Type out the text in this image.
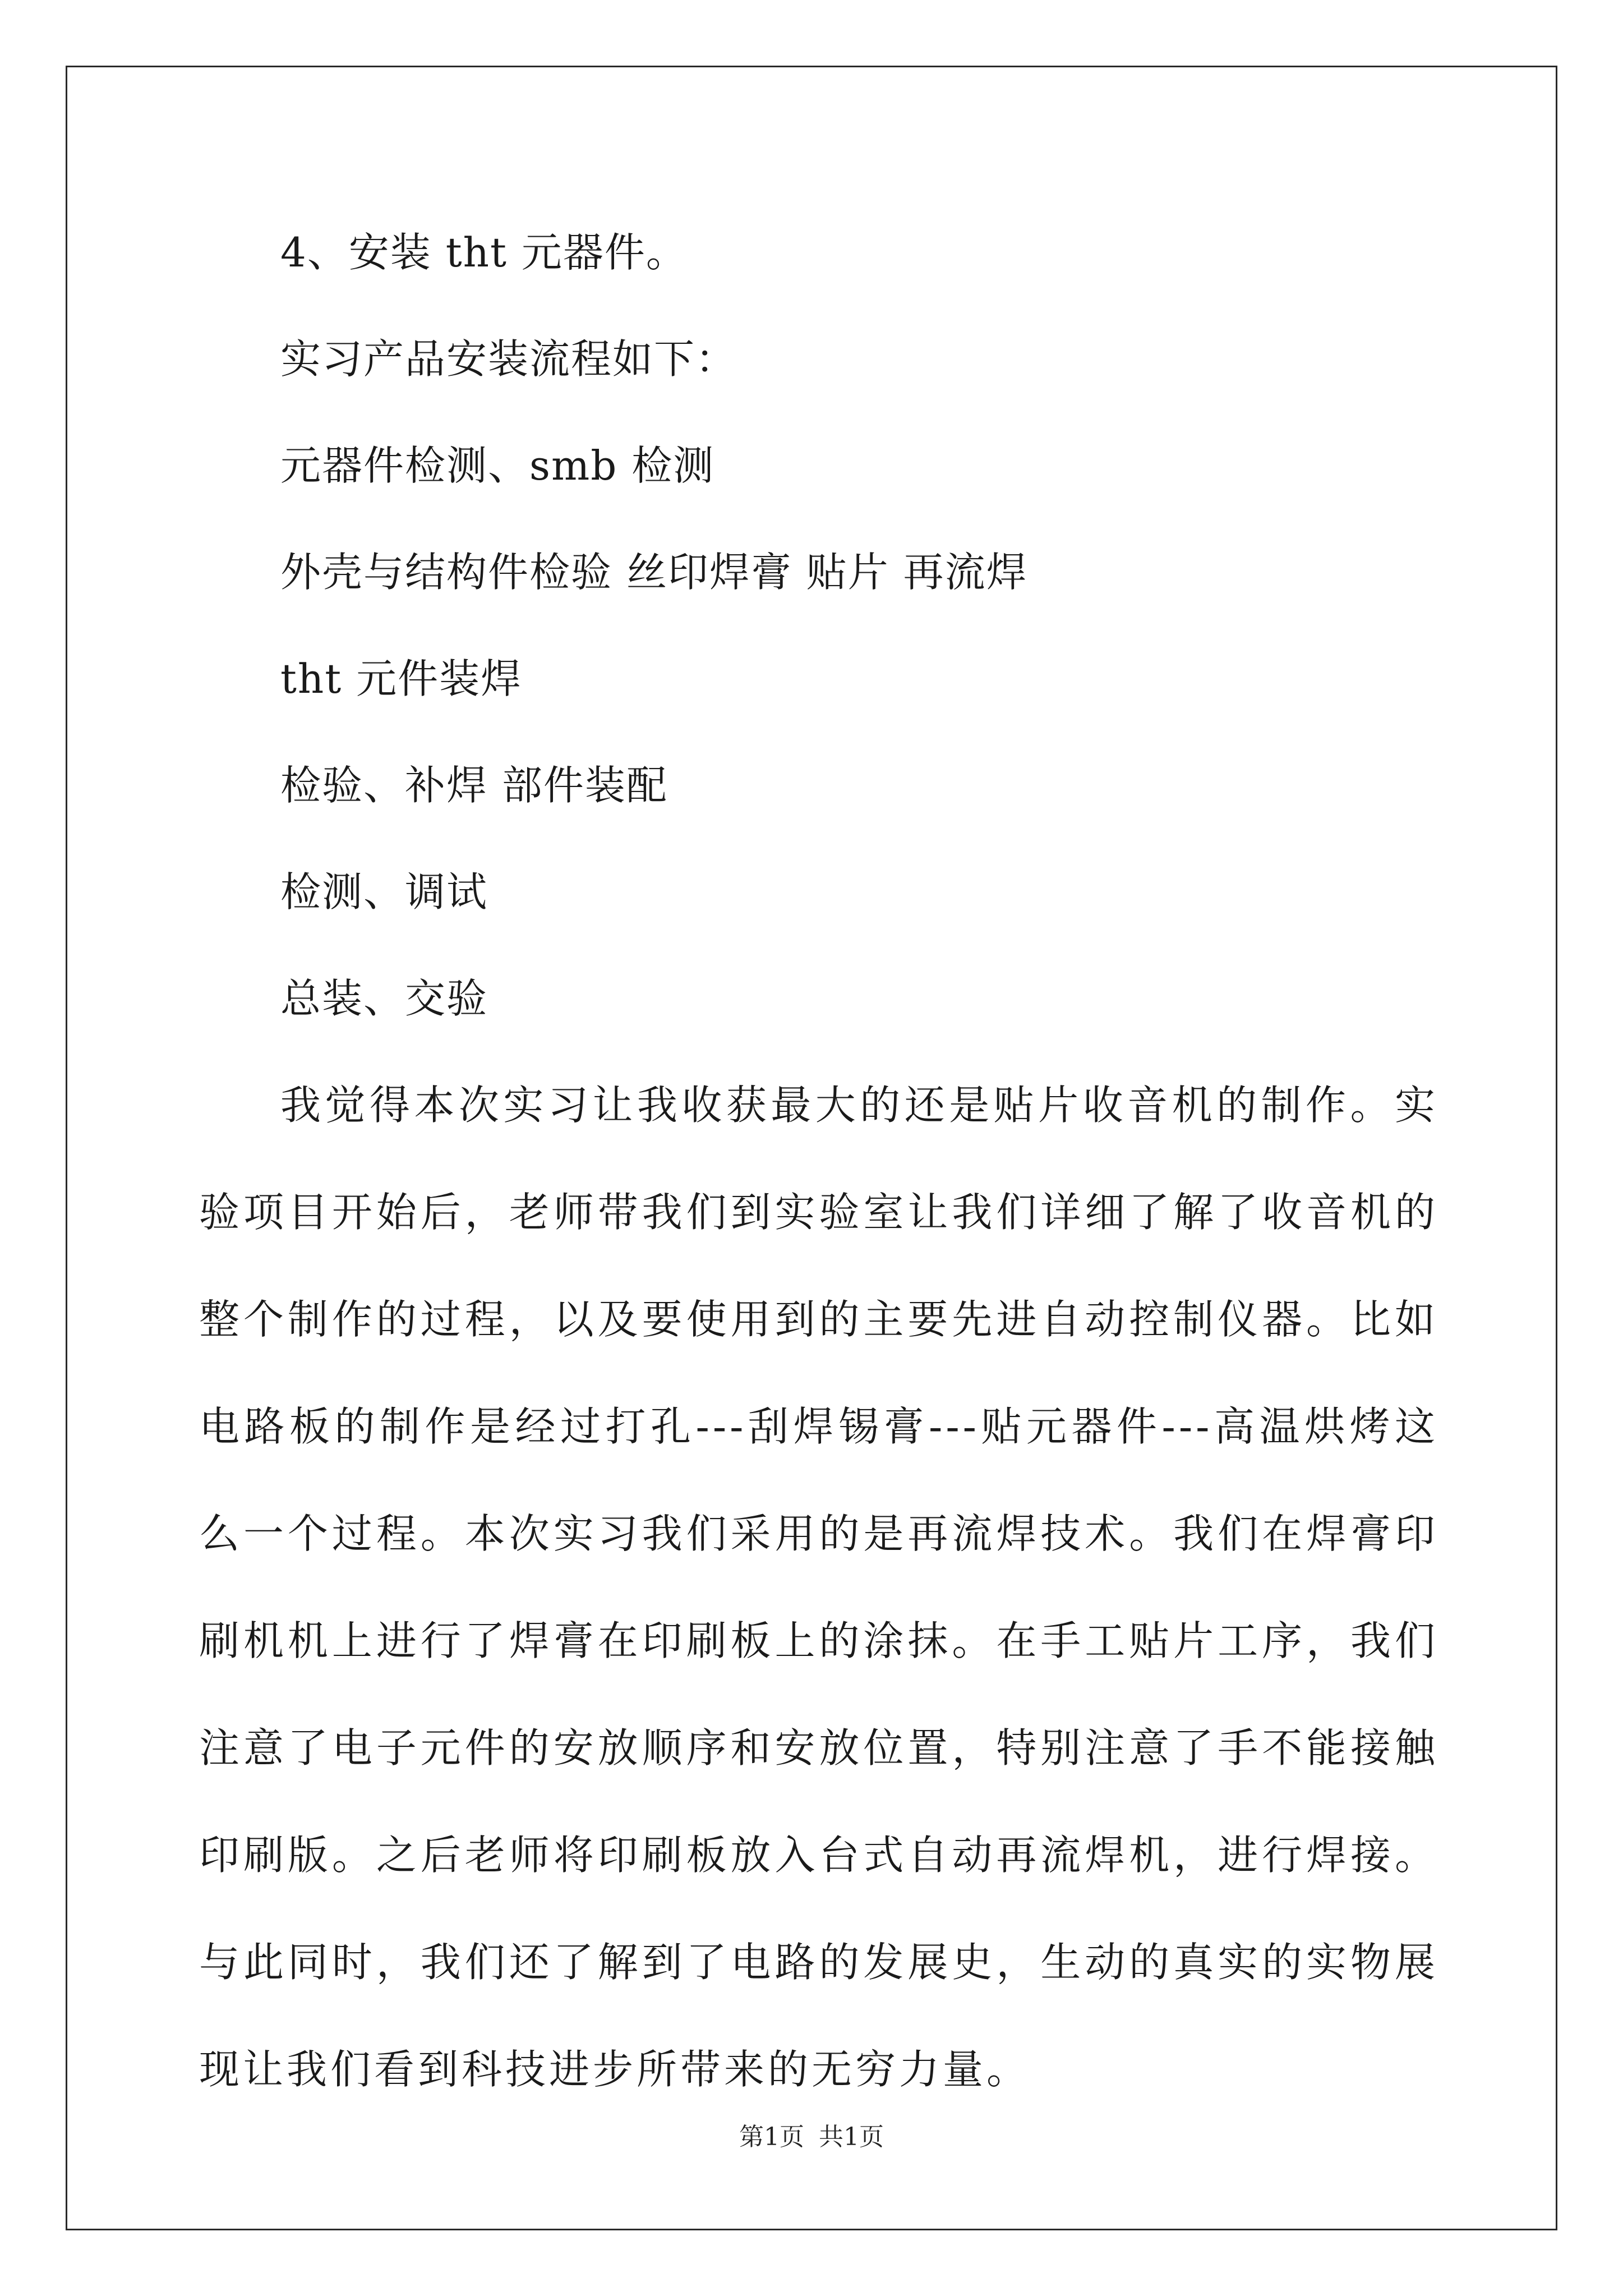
4、安装 tht 元器件。
实习产品安装流程如下：
元器件检测、smb 检测
外壳与结构件检验 丝印焊膏 贴片 再流焊
tht 元件装焊
检验、补焊 部件装配
检测、调试
总装、交验
我觉得本次实习让我收获最大的还是贴片收音机的制作。实验项目开始后，老师带我们到实验室让我们详细了解了收音机的整个制作的过程，以及要使用到的主要先进自动控制仪器。比如电路板的制作是经过打孔---刮焊锡膏---贴元器件---高温烘烤这么一个过程。本次实习我们采用的是再流焊技术。我们在焊膏印刷机机上进行了焊膏在印刷板上的涂抹。在手工贴片工序，我们注意了电子元件的安放顺序和安放位置，特别注意了手不能接触印刷版。之后老师将印刷板放入台式自动再流焊机，进行焊接。与此同时，我们还了解到了电路的发展史，生动的真实的实物展现让我们看到科技进步所带来的无穷力量。
第1页 共1页
